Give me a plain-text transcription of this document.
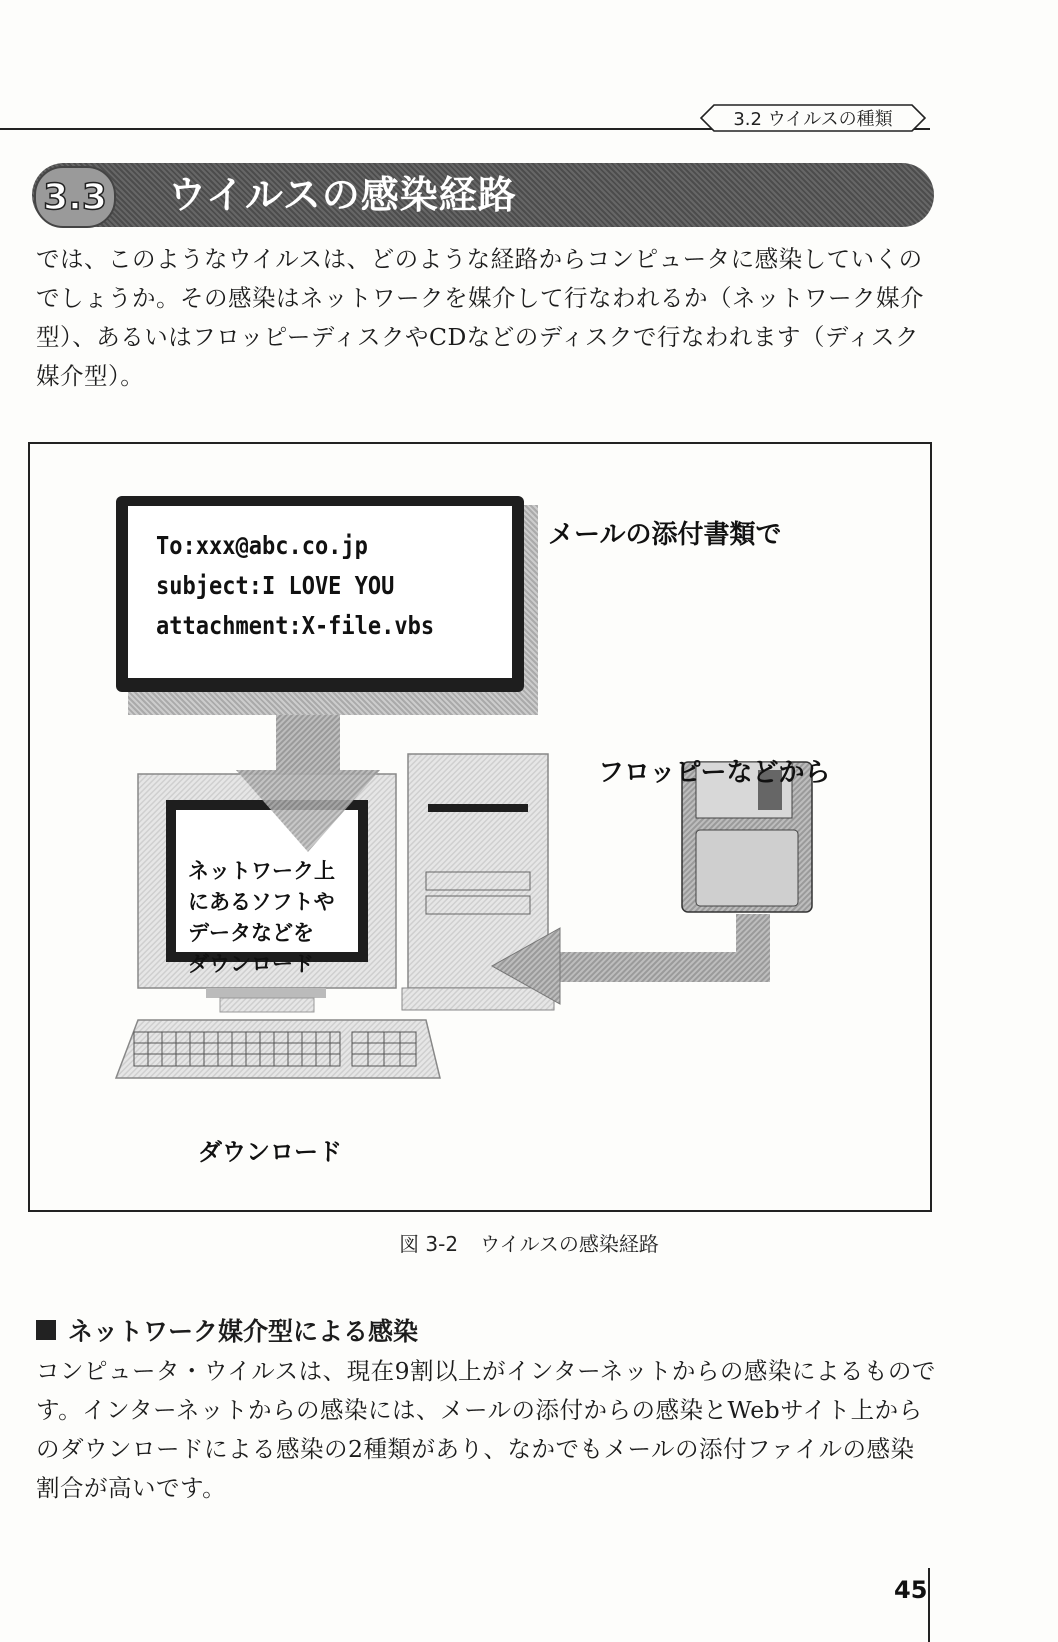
3.2 ウイルスの種類
3.3 ウイルスの感染経路
では、このようなウイルスは、どのような経路からコンピュータに感染していくのでしょうか。その感染はネットワークを媒介して行なわれるか（ネットワーク媒介型）、あるいはフロッピーディスクやCDなどのディスクで行なわれます（ディスク媒介型）。
To:xxx@abc.co.jp
subject:I LOVE YOU
attachment:X-file.vbs
メールの添付書類で
フロッピーなどから
ネットワーク上
にあるソフトや
データなどを
ダウンロード
ダウンロード
図 3-2 ウイルスの感染経路
ネットワーク媒介型による感染
コンピュータ・ウイルスは、現在9割以上がインターネットからの感染によるものです。インターネットからの感染には、メールの添付からの感染とWebサイト上からのダウンロードによる感染の2種類があり、なかでもメールの添付ファイルの感染割合が高いです。
45
